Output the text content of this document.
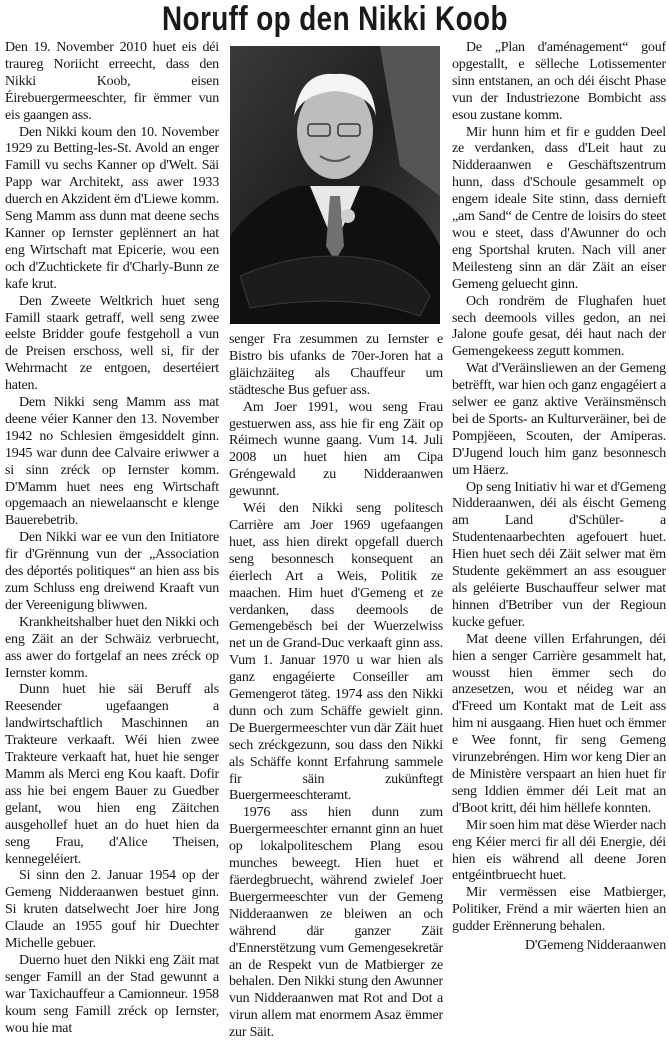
Noruff op den Nikki Koob

Den 19. November 2010 huet eis déi traureg Noriicht erreecht, dass den Nikki Koob, eisen Éirebuergermeeschter, fir ëmmer vun eis gaangen ass.

Den Nikki koum den 10. November 1929 zu Betting-les-St. Avold an enger Famill vu sechs Kanner op d'Welt. Säi Papp war Architekt, ass awer 1933 duerch en Akzident ëm d'Liewe komm. Seng Mamm ass dunn mat deene sechs Kanner op Iernster geplënnert an hat eng Wirtschaft mat Epicerie, wou een och d'Zuchtickete fir d'Charly-Bunn ze kafe krut.

Den Zweete Weltkrich huet seng Famill staark getraff, well seng zwee eelste Bridder goufe festgeholl a vun de Preisen erschoss, well si, fir der Wehrmacht ze entgoen, desertéiert haten.

Dem Nikki seng Mamm ass mat deene véier Kanner den 13. November 1942 no Schlesien ëmgesiddelt ginn. 1945 war dunn dee Calvaire eriwwer a si sinn zréck op Iernster komm. D'Mamm huet nees eng Wirtschaft opgemaach an niewelaanscht e klenge Bauerebetrib.

Den Nikki war ee vun den Initiatore fir d'Grënnung vun der „Association des déportés politiques“ an hien ass bis zum Schluss eng dreiwend Kraaft vun der Vereenigung bliwwen.

Krankheitshalber huet den Nikki och eng Zäit an der Schwäiz verbruecht, ass awer do fortgelaf an nees zréck op Iernster komm.

Dunn huet hie säi Beruff als Reesender ugefaangen a landwirtschaftlich Maschinnen an Trakteure verkaaft. Wéi hien zwee Trakteure verkaaft hat, huet hie senger Mamm als Merci eng Kou kaaft. Dofir ass hie bei engem Bauer zu Guedber gelant, wou hien eng Zäitchen ausgehollef huet an do huet hien da seng Frau, d'Alice Theisen, kennegeléiert.

Si sinn den 2. Januar 1954 op der Gemeng Nidderaanwen bestuet ginn. Si kruten datselwecht Joer hire Jong Claude an 1955 gouf hir Duechter Michelle gebuer.

Duerno huet den Nikki eng Zäit mat senger Famill an der Stad gewunnt a war Taxichauffeur a Camionneur. 1958 koum seng Famill zréck op Iernster, wou hie mat

senger Fra zesummen zu Iernster e Bistro bis ufanks de 70er-Joren hat a gläichzäiteg als Chauffeur um städtesche Bus gefuer ass.

Am Joer 1991, wou seng Frau gestuerwen ass, ass hie fir eng Zäit op Réimech wunne gaang. Vum 14. Juli 2008 un huet hien am Cipa Gréngewald zu Nidderaanwen gewunnt.

Wéi den Nikki seng politesch Carrière am Joer 1969 ugefaangen huet, ass hien direkt opgefall duerch seng besonnesch konsequent an éierlech Art a Weis, Politik ze maachen. Him huet d'Gemeng et ze verdanken, dass deemools de Gemengebësch bei der Wuerzelwiss net un de Grand-Duc verkaaft ginn ass. Vum 1. Januar 1970 u war hien als ganz engagéierte Conseiller am Gemengerot täteg. 1974 ass den Nikki dunn och zum Schäffe gewielt ginn. De Buergermeeschter vun där Zäit huet sech zréckgezunn, sou dass den Nikki als Schäffe konnt Erfahrung sammele fir säin zukünftegt Buergermeeschteramt.

1976 ass hien dunn zum Buergermeeschter ernannt ginn an huet op lokalpoliteschem Plang esou munches beweegt. Hien huet et fäerdegbruecht, während zwielef Joer Buergermeeschter vun der Gemeng Nidderaanwen ze bleiwen an och während där ganzer Zäit d'Ennerstëtzung vum Gemengesekretär an de Respekt vun de Matbierger ze behalen. Den Nikki stung den Awunner vun Nidderaanwen mat Rot and Dot a virun allem mat enormem Asaz ëmmer zur Säit.

De „Plan d'aménagement“ gouf opgestallt, e sëlleche Lotissementer sinn entstanen, an och déi éischt Phase vun der Industriezone Bombicht ass esou zustane komm.

Mir hunn him et fir e gudden Deel ze verdanken, dass d'Leit haut zu Nidderaanwen e Geschäftszentrum hunn, dass d'Schoule gesammelt op engem ideale Site stinn, dass dernieft „am Sand“ de Centre de loisirs do steet wou e steet, dass d'Awunner do och eng Sportshal kruten. Nach vill aner Meilesteng sinn an där Zäit an eiser Gemeng geluecht ginn.

Och rondrëm de Flughafen huet sech deemools villes gedon, an nei Jalone goufe gesat, déi haut nach der Gemengekeess zegutt kommen.

Wat d'Veräinsliewen an der Gemeng betrëfft, war hien och ganz engagéiert a selwer ee ganz aktive Veräinsmënsch bei de Sports- an Kulturveräiner, bei de Pompjëeen, Scouten, der Amiperas. D'Jugend louch him ganz besonnesch um Häerz.

Op seng Initiativ hi war et d'Gemeng Nidderaanwen, déi als éischt Gemeng am Land d'Schüler- a Studentenaarbechten agefouert huet. Hien huet sech déi Zäit selwer mat ëm Studente gekëmmert an ass esouguer als geléierte Buschauffeur selwer mat hinnen d'Betriber vun der Regioun kucke gefuer.

Mat deene villen Erfahrungen, déi hien a senger Carrière gesammelt hat, wousst hien ëmmer sech do anzesetzen, wou et néideg war an d'Freed um Kontakt mat de Leit ass him ni ausgaang. Hien huet och ëmmer e Wee fonnt, fir seng Gemeng virunzebréngen. Him wor keng Dier an de Ministère verspaart an hien huet fir seng Iddien ëmmer déi Leit mat an d'Boot kritt, déi him hëllefe konnten.

Mir soen him mat dëse Wierder nach eng Kéier merci fir all déi Energie, déi hien eis während all deene Joren entgéintbruecht huet.

Mir vermëssen eise Matbierger, Politiker, Frënd a mir wäerten hien an gudder Erënnerung behalen.

D'Gemeng Nidderaanwen
